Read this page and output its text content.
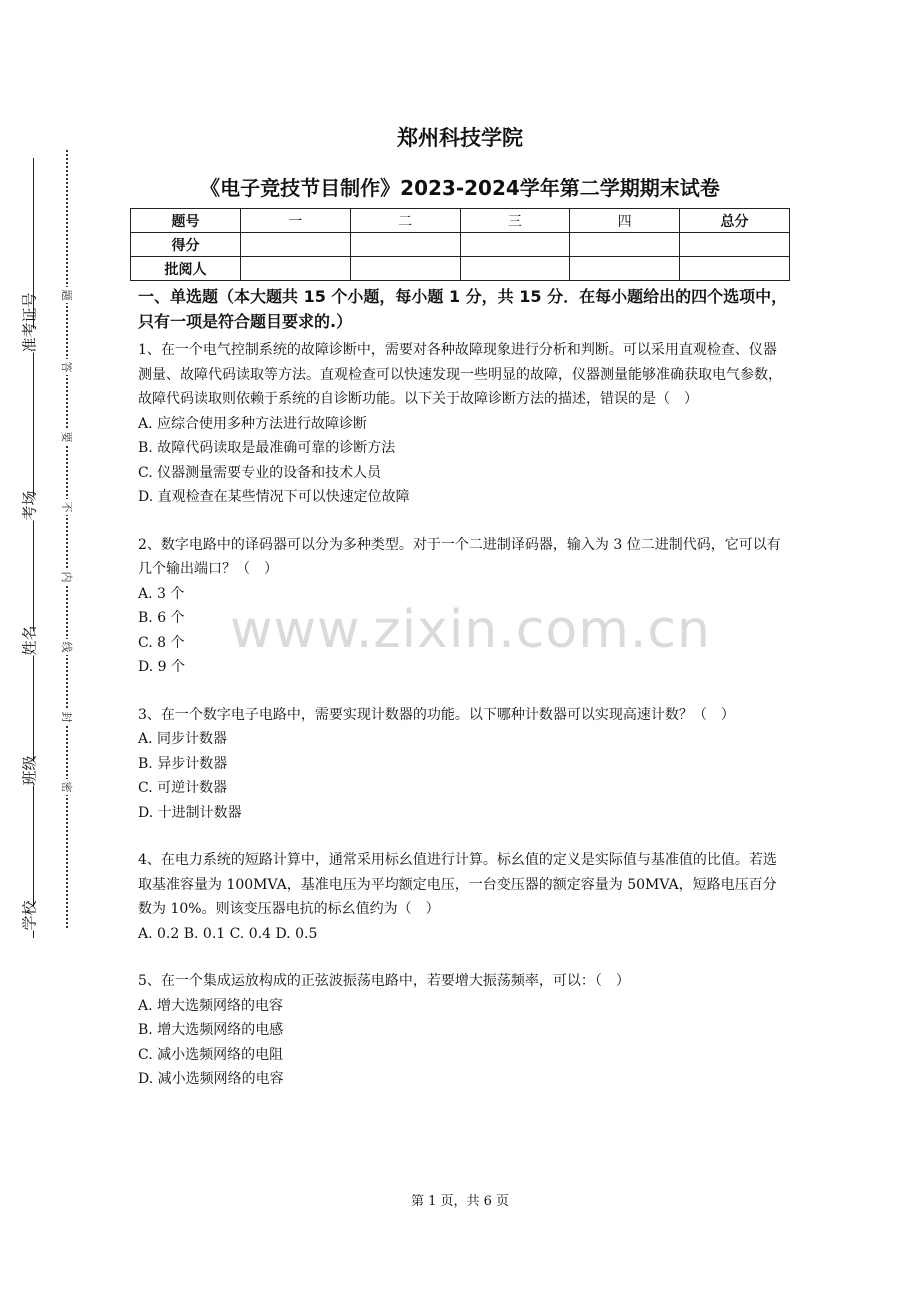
学校
班级
姓名
考场
准考证号 题
答
要
不
内
线
封
密
郑州科技学院
《电子竞技节目制作》2023-2024学年第二学期期末试卷
题号	一	二	三	四	总分
得分					
批阅人					

一、单选题（本大题共 15 个小题，每小题 1 分，共 15 分．在每小题给出的四个选项中，只有一项是符合题目要求的.）

1、在一个电气控制系统的故障诊断中，需要对各种故障现象进行分析和判断。可以采用直观检查、仪器测量、故障代码读取等方法。直观检查可以快速发现一些明显的故障，仪器测量能够准确获取电气参数，故障代码读取则依赖于系统的自诊断功能。以下关于故障诊断方法的描述，错误的是（　）

A. 应综合使用多种方法进行故障诊断

B. 故障代码读取是最准确可靠的诊断方法

C. 仪器测量需要专业的设备和技术人员

D. 直观检查在某些情况下可以快速定位故障

2、数字电路中的译码器可以分为多种类型。对于一个二进制译码器，输入为 3 位二进制代码，它可以有几个输出端口？（　）

A. 3 个

B. 6 个

C. 8 个

D. 9 个

3、在一个数字电子电路中，需要实现计数器的功能。以下哪种计数器可以实现高速计数？（　）

A. 同步计数器

B. 异步计数器

C. 可逆计数器

D. 十进制计数器

4、在电力系统的短路计算中，通常采用标幺值进行计算。标幺值的定义是实际值与基准值的比值。若选取基准容量为 100MVA，基准电压为平均额定电压，一台变压器的额定容量为 50MVA，短路电压百分数为 10%。则该变压器电抗的标幺值约为（　）

A. 0.2 B. 0.1 C. 0.4 D. 0.5

5、在一个集成运放构成的正弦波振荡电路中，若要增大振荡频率，可以：（　）

A. 增大选频网络的电容

B. 增大选频网络的电感

C. 减小选频网络的电阻

D. 减小选频网络的电容

www.zixin.com.cn
第 1 页，共 6 页
